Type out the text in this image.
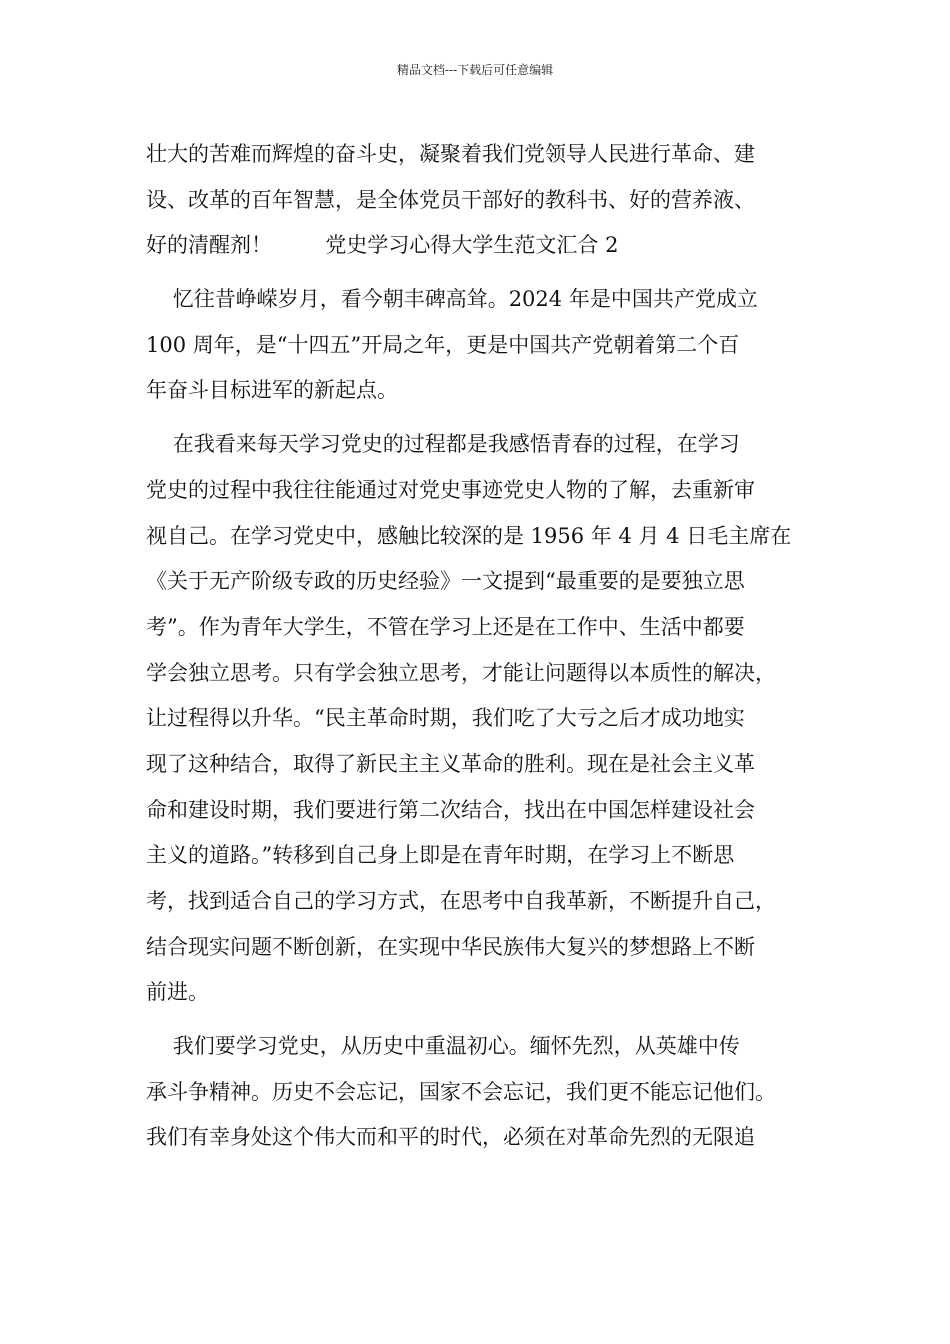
精品文档---下载后可任意编辑
壮大的苦难而辉煌的奋斗史，凝聚着我们党领导人民进行革命、建
设、改革的百年智慧，是全体党员干部好的教科书、好的营养液、
好的清醒剂！        党史学习心得大学生范文汇合 2
忆往昔峥嵘岁月，看今朝丰碑高耸。2024 年是中国共产党成立
100 周年，是“十四五”开局之年，更是中国共产党朝着第二个百
年奋斗目标进军的新起点。
在我看来每天学习党史的过程都是我感悟青春的过程，在学习
党史的过程中我往往能通过对党史事迹党史人物的了解，去重新审
视自己。在学习党史中，感触比较深的是 1956 年 4 月 4 日毛主席在
《关于无产阶级专政的历史经验》一文提到“最重要的是要独立思
考”。作为青年大学生，不管在学习上还是在工作中、生活中都要
学会独立思考。只有学会独立思考，才能让问题得以本质性的解决，
让过程得以升华。“民主革命时期，我们吃了大亏之后才成功地实
现了这种结合，取得了新民主主义革命的胜利。现在是社会主义革
命和建设时期，我们要进行第二次结合，找出在中国怎样建设社会
主义的道路。”转移到自己身上即是在青年时期，在学习上不断思
考，找到适合自己的学习方式，在思考中自我革新，不断提升自己，
结合现实问题不断创新，在实现中华民族伟大复兴的梦想路上不断
前进。
我们要学习党史，从历史中重温初心。缅怀先烈，从英雄中传
承斗争精神。历史不会忘记，国家不会忘记，我们更不能忘记他们。
我们有幸身处这个伟大而和平的时代，必须在对革命先烈的无限追
